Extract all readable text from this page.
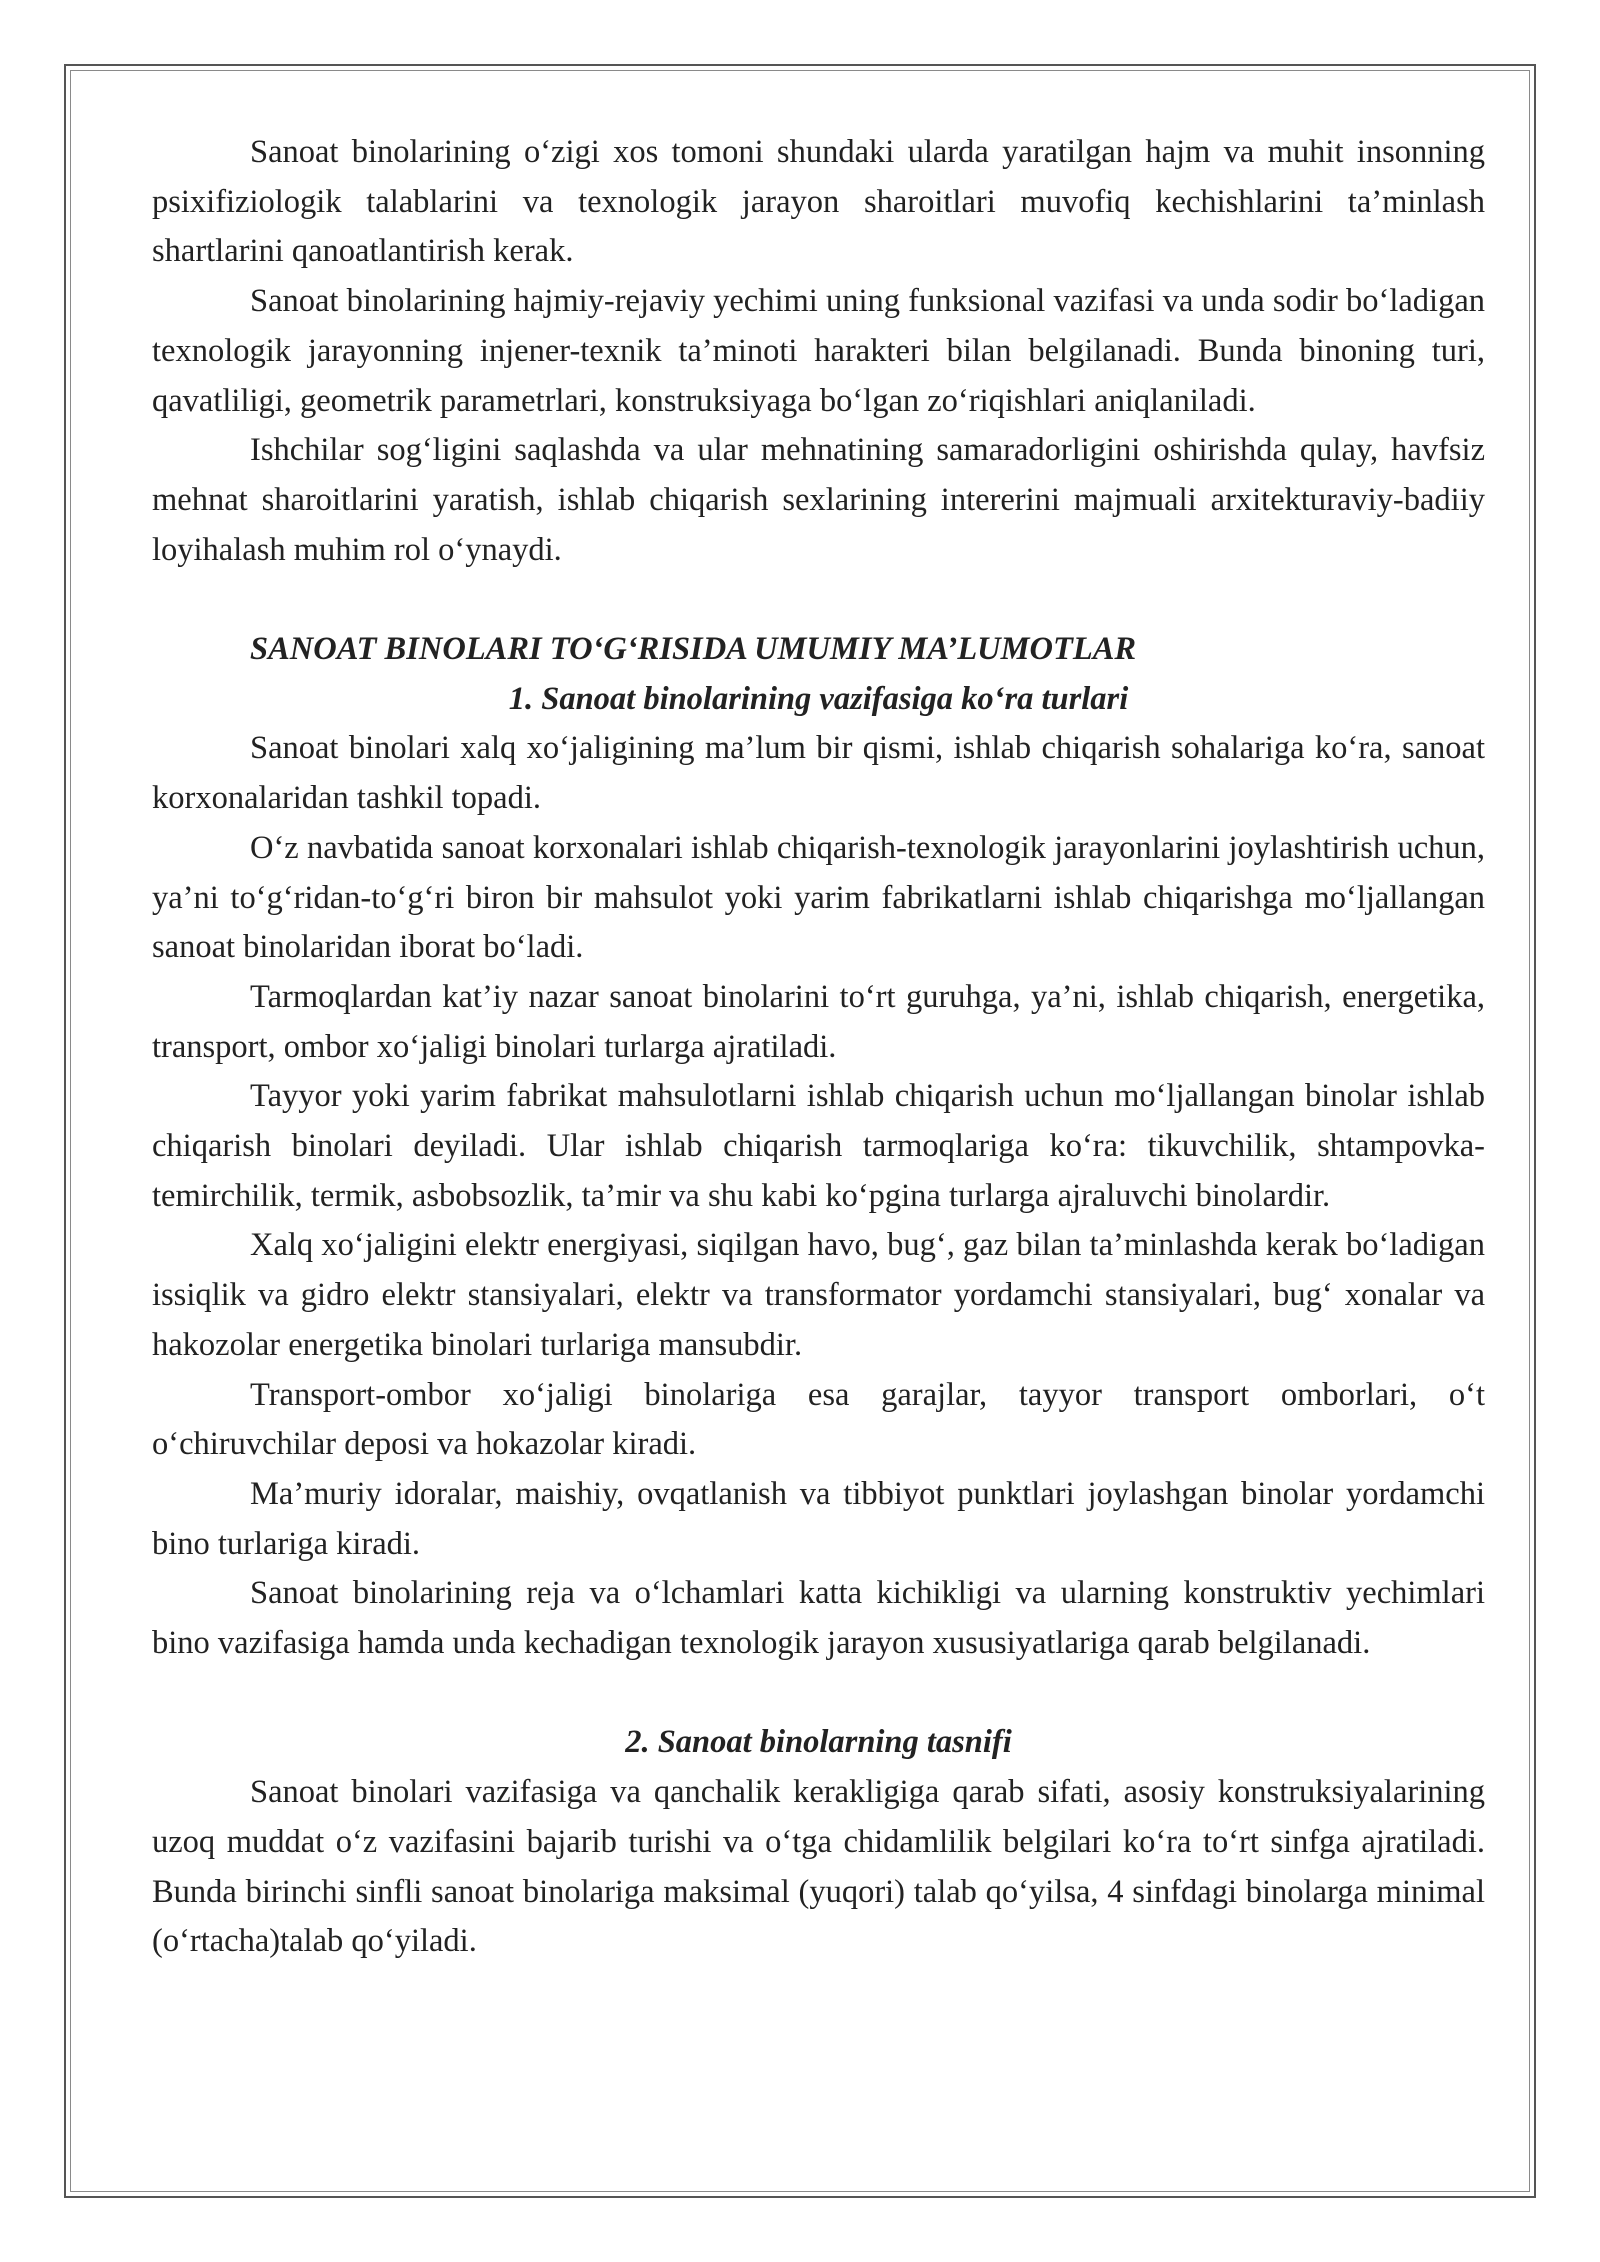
Sanoat binolarining o‘zigi xos tomoni shundaki ularda yaratilgan hajm va muhit insonning psixifiziologik talablarini va texnologik jarayon sharoitlari muvofiq kechishlarini ta’minlash shartlarini qanoatlantirish kerak.

Sanoat binolarining hajmiy-rejaviy yechimi uning funksional vazifasi va unda sodir bo‘ladigan texnologik jarayonning injener-texnik ta’minoti harakteri bilan belgilanadi. Bunda binoning turi, qavatliligi, geometrik parametrlari, konstruksiyaga bo‘lgan zo‘riqishlari aniqlaniladi.

Ishchilar sog‘ligini saqlashda va ular mehnatining samaradorligini oshirishda qulay, havfsiz mehnat sharoitlarini yaratish, ishlab chiqarish sexlarining intererini majmuali arxitekturaviy-badiiy loyihalash muhim rol o‘ynaydi.

SANOAT BINOLARI TO‘G‘RISIDA UMUMIY MA’LUMOTLAR

1. Sanoat binolarining vazifasiga ko‘ra turlari

Sanoat binolari xalq xo‘jaligining ma’lum bir qismi, ishlab chiqarish sohalariga ko‘ra, sanoat korxonalaridan tashkil topadi.

O‘z navbatida sanoat korxonalari ishlab chiqarish-texnologik jarayonlarini joylashtirish uchun, ya’ni to‘g‘ridan-to‘g‘ri biron bir mahsulot yoki yarim fabrikatlarni ishlab chiqarishga mo‘ljallangan sanoat binolaridan iborat bo‘ladi.

Tarmoqlardan kat’iy nazar sanoat binolarini to‘rt guruhga, ya’ni, ishlab chiqarish, energetika, transport, ombor xo‘jaligi binolari turlarga ajratiladi.

Tayyor yoki yarim fabrikat mahsulotlarni ishlab chiqarish uchun mo‘ljallangan binolar ishlab chiqarish binolari deyiladi. Ular ishlab chiqarish tarmoqlariga ko‘ra: tikuvchilik, shtampovka-temirchilik, termik, asbobsozlik, ta’mir va shu kabi ko‘pgina turlarga ajraluvchi binolardir.

Xalq xo‘jaligini elektr energiyasi, siqilgan havo, bug‘, gaz bilan ta’minlashda kerak bo‘ladigan issiqlik va gidro elektr stansiyalari, elektr va transformator yordamchi stansiyalari, bug‘ xonalar va hakozolar energetika binolari turlariga mansubdir.

Transport-ombor xo‘jaligi binolariga esa garajlar, tayyor transport omborlari, o‘t o‘chiruvchilar deposi va hokazolar kiradi.

Ma’muriy idoralar, maishiy, ovqatlanish va tibbiyot punktlari joylashgan binolar yordamchi bino turlariga kiradi.

Sanoat binolarining reja va o‘lchamlari katta kichikligi va ularning konstruktiv yechimlari bino vazifasiga hamda unda kechadigan texnologik jarayon xususiyatlariga qarab belgilanadi.

2. Sanoat binolarning tasnifi

Sanoat binolari vazifasiga va qanchalik kerakligiga qarab sifati, asosiy konstruksiyalarining uzoq muddat o‘z vazifasini bajarib turishi va o‘tga chidamlilik belgilari ko‘ra to‘rt sinfga ajratiladi. Bunda birinchi sinfli sanoat binolariga maksimal (yuqori) talab qo‘yilsa, 4 sinfdagi binolarga minimal (o‘rtacha)talab qo‘yiladi.
